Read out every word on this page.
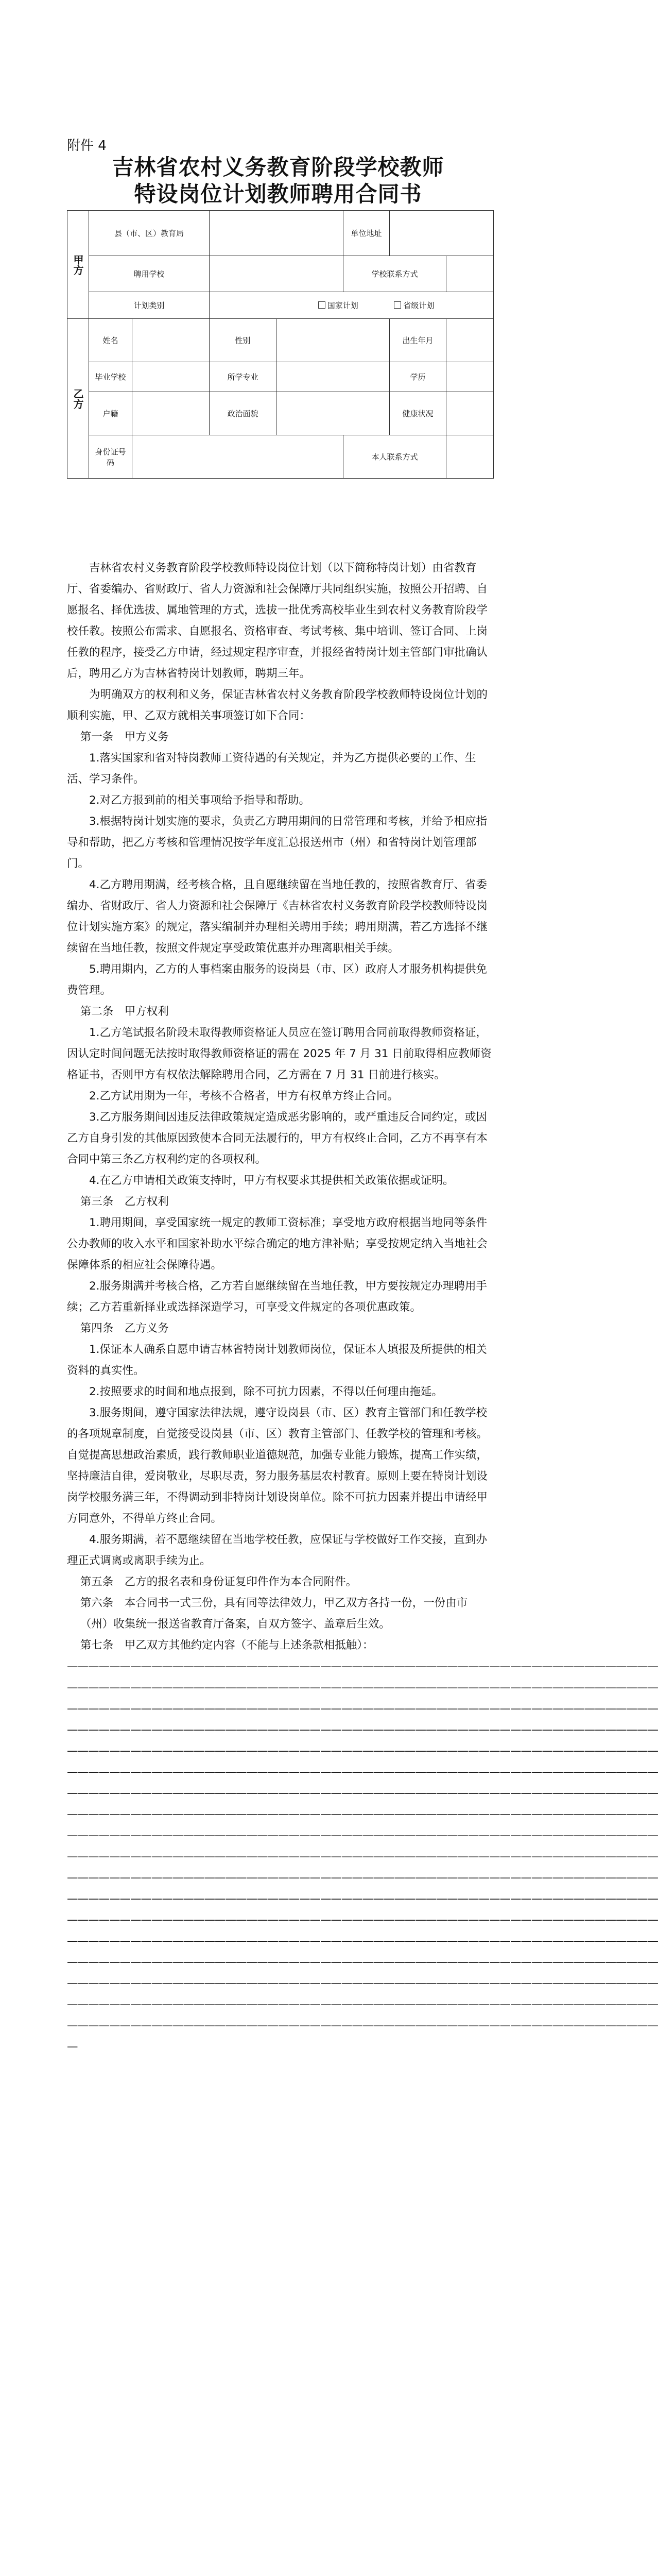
附件 4
吉林省农村义务教育阶段学校教师
特设岗位计划教师聘用合同书
甲方	县（市、区）教育局				单位地址		
	聘用学校				学校联系方式		
	计划类别		国家计划 省级计划				
乙方	姓名		性别			出生年月	
	毕业学校		所学专业			学历	
	户籍		政治面貌			健康状况	
	身份证号码				本人联系方式		

吉林省农村义务教育阶段学校教师特设岗位计划（以下简称特岗计划）由省教育厅、省委编办、省财政厅、省人力资源和社会保障厅共同组织实施，按照公开招聘、自愿报名、择优选拔、属地管理的方式，选拔一批优秀高校毕业生到农村义务教育阶段学校任教。按照公布需求、自愿报名、资格审查、考试考核、集中培训、签订合同、上岗任教的程序，接受乙方申请，经过规定程序审查，并报经省特岗计划主管部门审批确认后，聘用乙方为吉林省特岗计划教师，聘期三年。

为明确双方的权利和义务，保证吉林省农村义务教育阶段学校教师特设岗位计划的顺利实施，甲、乙双方就相关事项签订如下合同：

第一条　甲方义务

1.落实国家和省对特岗教师工资待遇的有关规定，并为乙方提供必要的工作、生活、学习条件。

2.对乙方报到前的相关事项给予指导和帮助。

3.根据特岗计划实施的要求，负责乙方聘用期间的日常管理和考核，并给予相应指导和帮助，把乙方考核和管理情况按学年度汇总报送州市（州）和省特岗计划管理部门。

4.乙方聘用期满，经考核合格，且自愿继续留在当地任教的，按照省教育厅、省委编办、省财政厅、省人力资源和社会保障厅《吉林省农村义务教育阶段学校教师特设岗位计划实施方案》的规定，落实编制并办理相关聘用手续；聘用期满，若乙方选择不继续留在当地任教，按照文件规定享受政策优惠并办理离职相关手续。

5.聘用期内，乙方的人事档案由服务的设岗县（市、区）政府人才服务机构提供免费管理。

第二条　甲方权利

1.乙方笔试报名阶段未取得教师资格证人员应在签订聘用合同前取得教师资格证，因认定时间问题无法按时取得教师资格证的需在 2025 年 7 月 31 日前取得相应教师资格证书，否则甲方有权依法解除聘用合同，乙方需在 7 月 31 日前进行核实。

2.乙方试用期为一年，考核不合格者，甲方有权单方终止合同。

3.乙方服务期间因违反法律政策规定造成恶劣影响的，或严重违反合同约定，或因乙方自身引发的其他原因致使本合同无法履行的，甲方有权终止合同，乙方不再享有本合同中第三条乙方权利约定的各项权利。

4.在乙方申请相关政策支持时，甲方有权要求其提供相关政策依据或证明。

第三条　乙方权利

1.聘用期间，享受国家统一规定的教师工资标准；享受地方政府根据当地同等条件公办教师的收入水平和国家补助水平综合确定的地方津补贴；享受按规定纳入当地社会保障体系的相应社会保障待遇。

2.服务期满并考核合格，乙方若自愿继续留在当地任教，甲方要按规定办理聘用手续；乙方若重新择业或选择深造学习，可享受文件规定的各项优惠政策。

第四条　乙方义务

1.保证本人确系自愿申请吉林省特岗计划教师岗位，保证本人填报及所提供的相关资料的真实性。

2.按照要求的时间和地点报到，除不可抗力因素，不得以任何理由拖延。

3.服务期间，遵守国家法律法规，遵守设岗县（市、区）教育主管部门和任教学校的各项规章制度，自觉接受设岗县（市、区）教育主管部门、任教学校的管理和考核。自觉提高思想政治素质，践行教师职业道德规范，加强专业能力锻炼，提高工作实绩，坚持廉洁自律，爱岗敬业，尽职尽责，努力服务基层农村教育。原则上要在特岗计划设岗学校服务满三年，不得调动到非特岗计划设岗单位。除不可抗力因素并提出申请经甲方同意外，不得单方终止合同。

4.服务期满，若不愿继续留在当地学校任教，应保证与学校做好工作交接，直到办理正式调离或离职手续为止。

第五条　乙方的报名表和身份证复印件作为本合同附件。

第六条　本合同书一式三份，具有同等法律效力，甲乙双方各持一份，一份由市（州）收集统一报送省教育厅备案，自双方签字、盖章后生效。

第七条　甲乙双方其他约定内容（不能与上述条款相抵触）：

————————————————————————————————————————————————————————

————————————————————————————————————————————————————————

————————————————————————————————————————————————————————

————————————————————————————————————————————————————————

————————————————————————————————————————————————————————

————————————————————————————————————————————————————————

————————————————————————————————————————————————————————

————————————————————————————————————————————————————————

————————————————————————————————————————————————————————

————————————————————————————————————————————————————————

————————————————————————————————————————————————————————

————————————————————————————————————————————————————————

————————————————————————————————————————————————————————

————————————————————————————————————————————————————————

————————————————————————————————————————————————————————

————————————————————————————————————————————————————————

————————————————————————————————————————————————————————

————————————————————————————————————————————————————————

—
